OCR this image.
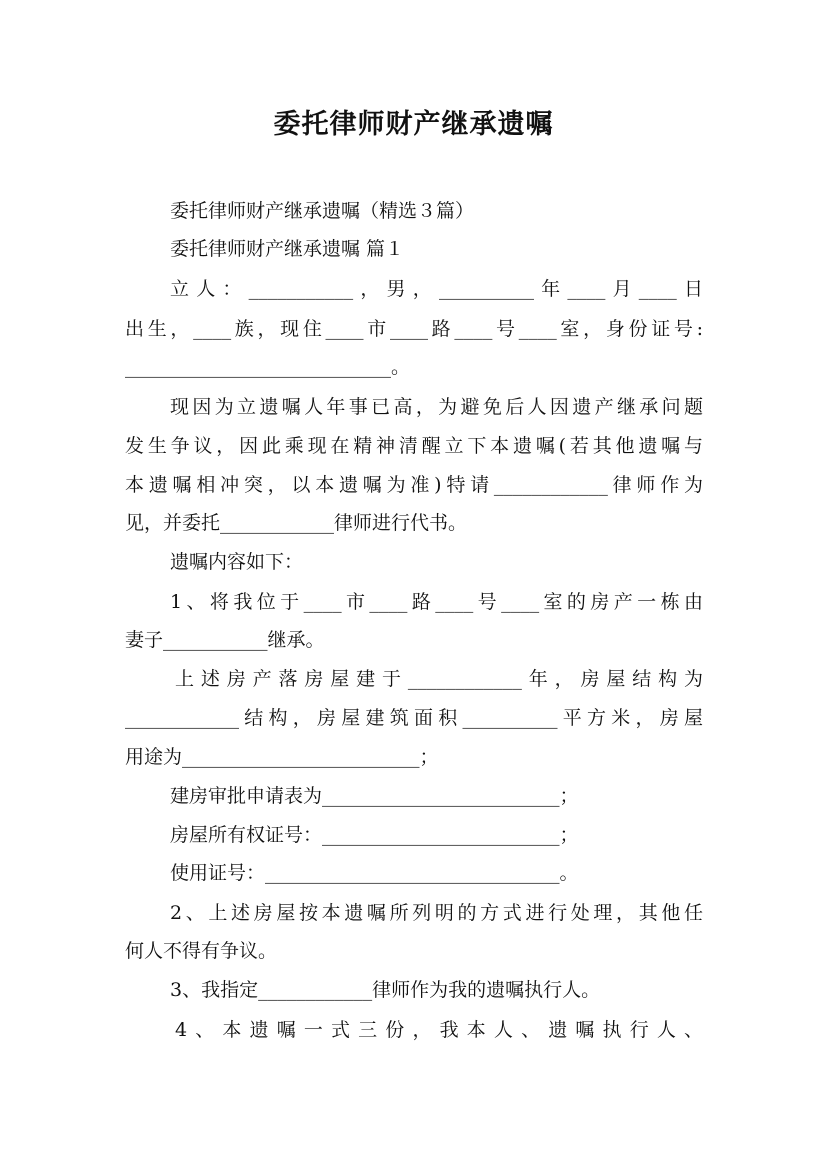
委托律师财产继承遗嘱
委托律师财产继承遗嘱（精选３篇）
委托律师财产继承遗嘱 篇１
立人：___________，男，__________年____月____日
出生，____族，现住____市____路____号____室，身份证号:
____________________________。
现因为立遗嘱人年事已高，为避免后人因遗产继承问题
发生争议，因此乘现在精神清醒立下本遗嘱(若其他遗嘱与
本遗嘱相冲突，以本遗嘱为准)特请____________律师作为
见，并委托____________律师进行代书。
遗嘱内容如下：
1、将我位于____市____路____号____室的房产一栋由
妻子___________继承。
上述房产落房屋建于____________年，房屋结构为
____________结构，房屋建筑面积__________平方米，房屋
用途为_________________________；
建房审批申请表为_________________________；
房屋所有权证号：_________________________；
使用证号：_______________________________。
2、上述房屋按本遗嘱所列明的方式进行处理，其他任
何人不得有争议。
3、我指定____________律师作为我的遗嘱执行人。
4、本遗嘱一式三份，我本人、遗嘱执行人、
